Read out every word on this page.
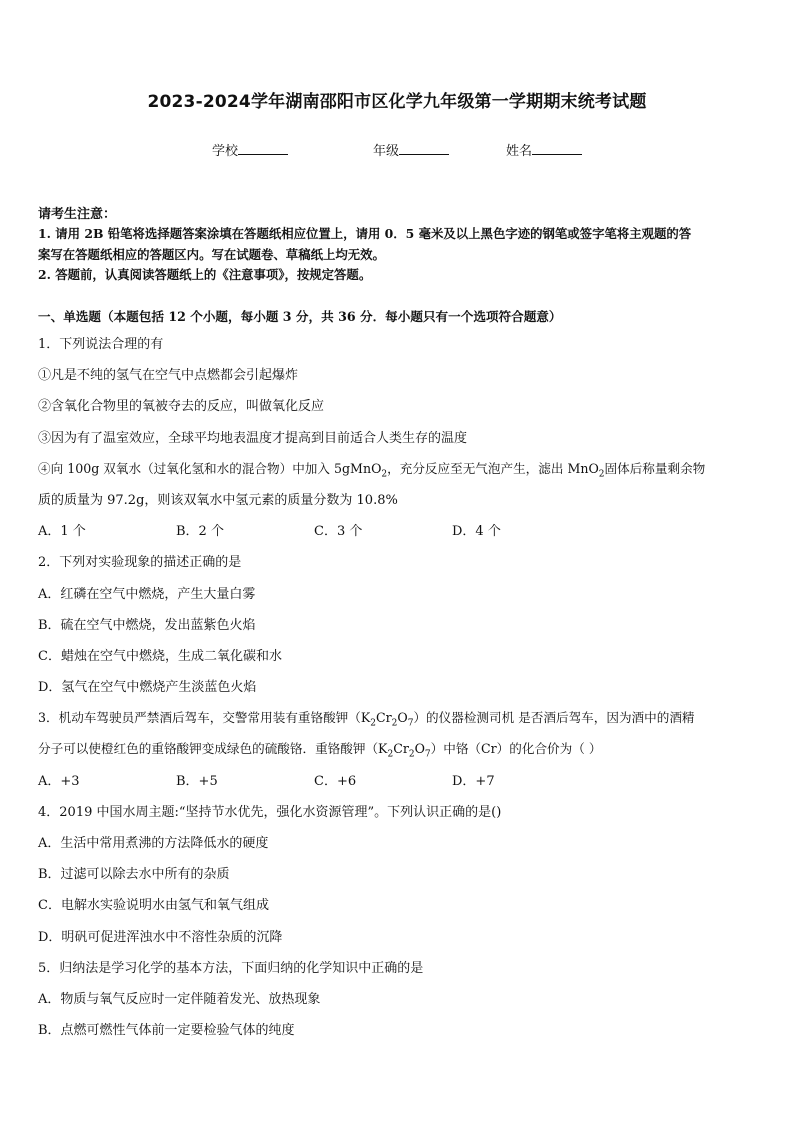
2023-2024学年湖南邵阳市区化学九年级第一学期期末统考试题
学校	年级	姓名
请考生注意：
1. 请用 2B 铅笔将选择题答案涂填在答题纸相应位置上，请用 0．5 毫米及以上黑色字迹的钢笔或签字笔将主观题的答
案写在答题纸相应的答题区内。写在试题卷、草稿纸上均无效。
2. 答题前，认真阅读答题纸上的《注意事项》，按规定答题。
一、单选题（本题包括 12 个小题，每小题 3 分，共 36 分．每小题只有一个选项符合题意）
1．下列说法合理的有
①凡是不纯的氢气在空气中点燃都会引起爆炸
②含氧化合物里的氧被夺去的反应，叫做氧化反应
③因为有了温室效应，全球平均地表温度才提高到目前适合人类生存的温度
④向 100g 双氧水（过氧化氢和水的混合物）中加入 5gMnO$_2$，充分反应至无气泡产生，滤出 MnO$_2$固体后称量剩余物
质的质量为 97.2g，则该双氧水中氢元素的质量分数为 10.8%
A．1 个	B．2 个	C．3 个	D．4 个
2．下列对实验现象的描述正确的是
A．红磷在空气中燃烧，产生大量白雾
B．硫在空气中燃烧，发出蓝紫色火焰
C．蜡烛在空气中燃烧，生成二氧化碳和水
D．氢气在空气中燃烧产生淡蓝色火焰
3．机动车驾驶员严禁酒后驾车，交警常用装有重铬酸钾$(K_2Cr_2O_7)$的仪器检测司机 是否酒后驾车，因为酒中的酒精
分子可以使橙红色的重铬酸钾变成绿色的硫酸铬．重铬酸钾$(K_2Cr_2O_7)$中铬（Cr）的化合价为（ ）
A．+3	B．+5	C．+6	D．+7
4．2019 中国水周主题:“坚持节水优先，强化水资源管理”。下列认识正确的是()
A．生活中常用煮沸的方法降低水的硬度
B．过滤可以除去水中所有的杂质
C．电解水实验说明水由氢气和氧气组成
D．明矾可促进浑浊水中不溶性杂质的沉降
5．归纳法是学习化学的基本方法，下面归纳的化学知识中正确的是
A．物质与氧气反应时一定伴随着发光、放热现象
B．点燃可燃性气体前一定要检验气体的纯度
